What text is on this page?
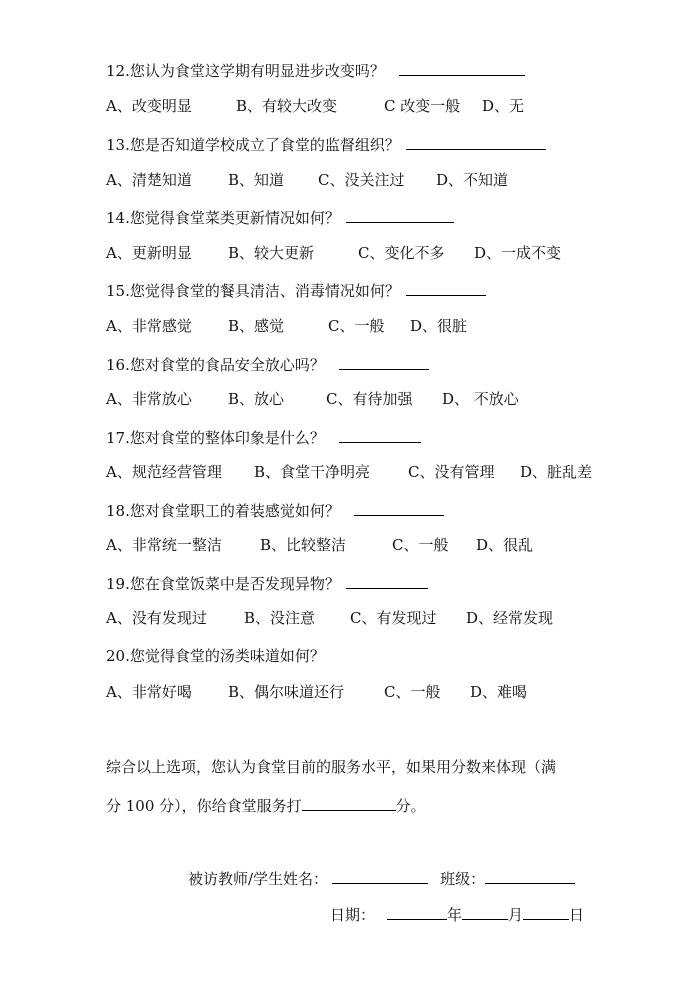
12.您认为食堂这学期有明显进步改变吗？
A、改变明显	B、有较大改变	C 改变一般 D、无
13.您是否知道学校成立了食堂的监督组织？
A、清楚知道 B、知道 C、没关注过 D、不知道
14.您觉得食堂菜类更新情况如何？
A、更新明显 B、较大更新	C、变化不多 D、一成不变
15.您觉得食堂的餐具清洁、消毒情况如何？
A、非常感觉 B、感觉	C、一般 D、很脏
16.您对食堂的食品安全放心吗？
A、非常放心 B、放心	C、有待加强 D、 不放心
17.您对食堂的整体印象是什么？
A、规范经营管理 B、食堂干净明亮	C、没有管理 D、脏乱差
18.您对食堂职工的着装感觉如何？
A、非常统一整洁	B、比较整洁	C、一般 D、很乱
19.您在食堂饭菜中是否发现异物？
A、没有发现过 B、没注意 C、有发现过 D、经常发现
20.您觉得食堂的汤类味道如何？
A、非常好喝 B、偶尔味道还行	C、一般 D、难喝
综合以上选项，您认为食堂目前的服务水平，如果用分数来体现（满
分 100 分），你给食堂服务打	分。
被访教师/学生姓名：	班级：
日期：	年	月	日
